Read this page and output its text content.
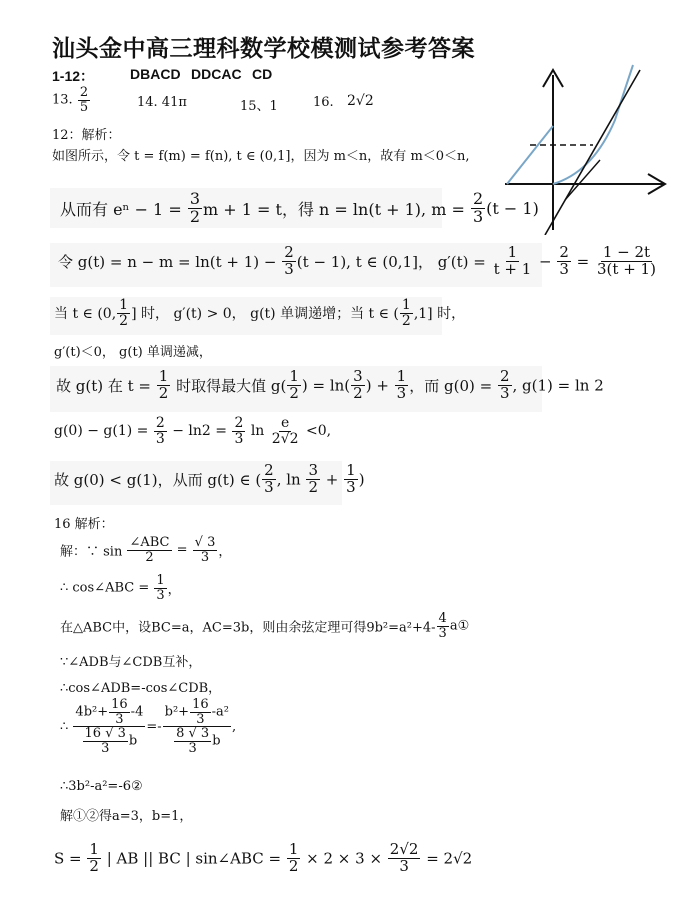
汕头金中高三理科数学校模测试参考答案
1-12：	DBACD DDCAC CD
13. $\frac{2}{5}$	14. 41π	15、1	16. 2√2
12：解析：
如图所示，令 t = f(m) = f(n), t ∈ (0,1]，因为 m＜n，故有 m＜0＜n,
从而有 $e^n - 1 = \frac{3}{2}$ m + 1 = t，得 n = ln(t + 1), $m = \frac{2}{3} (t - 1)$
令 $g(t) = n - m = \ln(t + 1) - \frac{2}{3} (t - 1)$, t ∈ (0,1]， $g'(t) = \frac{1}{t + 1} - \frac{2}{3} = \frac{1 - 2t}{3(t + 1)}$
当 t ∈ (0, $\frac{1}{2}$ ] 时， g′(t) > 0， g(t) 单调递增；当 t ∈ ( $\frac{1}{2} ,1$] 时，
g′(t)＜0， g(t) 单调递减，
故 g(t) 在 $t = \frac{1}{2}$ 时取得最大值 $g( \frac{1}{2}$ ) = $\ln( \frac{3}{2}$ ) + $\frac{1}{3}$ ，而 $g(0) = \frac{2}{3}$ , g(1) = ln 2
$g(0) - g(1) = \frac{2}{3} - \ln 2 = \frac{2}{3}$ $\ln \frac{e}{2√2} <0$,
故 g(0) < g(1)，从而 g(t) ∈ ( $\frac{2}{3}$ , $\ln \frac{3}{2} + \frac{1}{3}$ )
16 解析：
解：∵ $\sin \frac{\text{∠ABC}}{2} = \frac{√ 3}{3}$ ，
∴ cos∠ABC = $\frac{1}{3}$ ，
在△ABC中，设BC=a，AC=3b，则由余弦定理可得$9b^2=a^2+4- \frac{4}{3}$ a①
∵∠ADB与∠CDB互补，
∴cos∠ADB=-cos∠CDB，
∴ $\frac{4b^2+ \frac{16}{3} -4}{\frac{16 √ 3}{3} b} =- \frac{b^2+ \frac{16}{3} -a^2}{\frac{8 √ 3}{3} b}$ ,
∴3b²-a²=-6②
解①②得a=3，b=1，
$S = \frac{1}{2}$ | AB || BC | sin∠ABC = $\frac{1}{2} \times 2 \times 3 \times \frac{2√2}{3} = 2√2$
